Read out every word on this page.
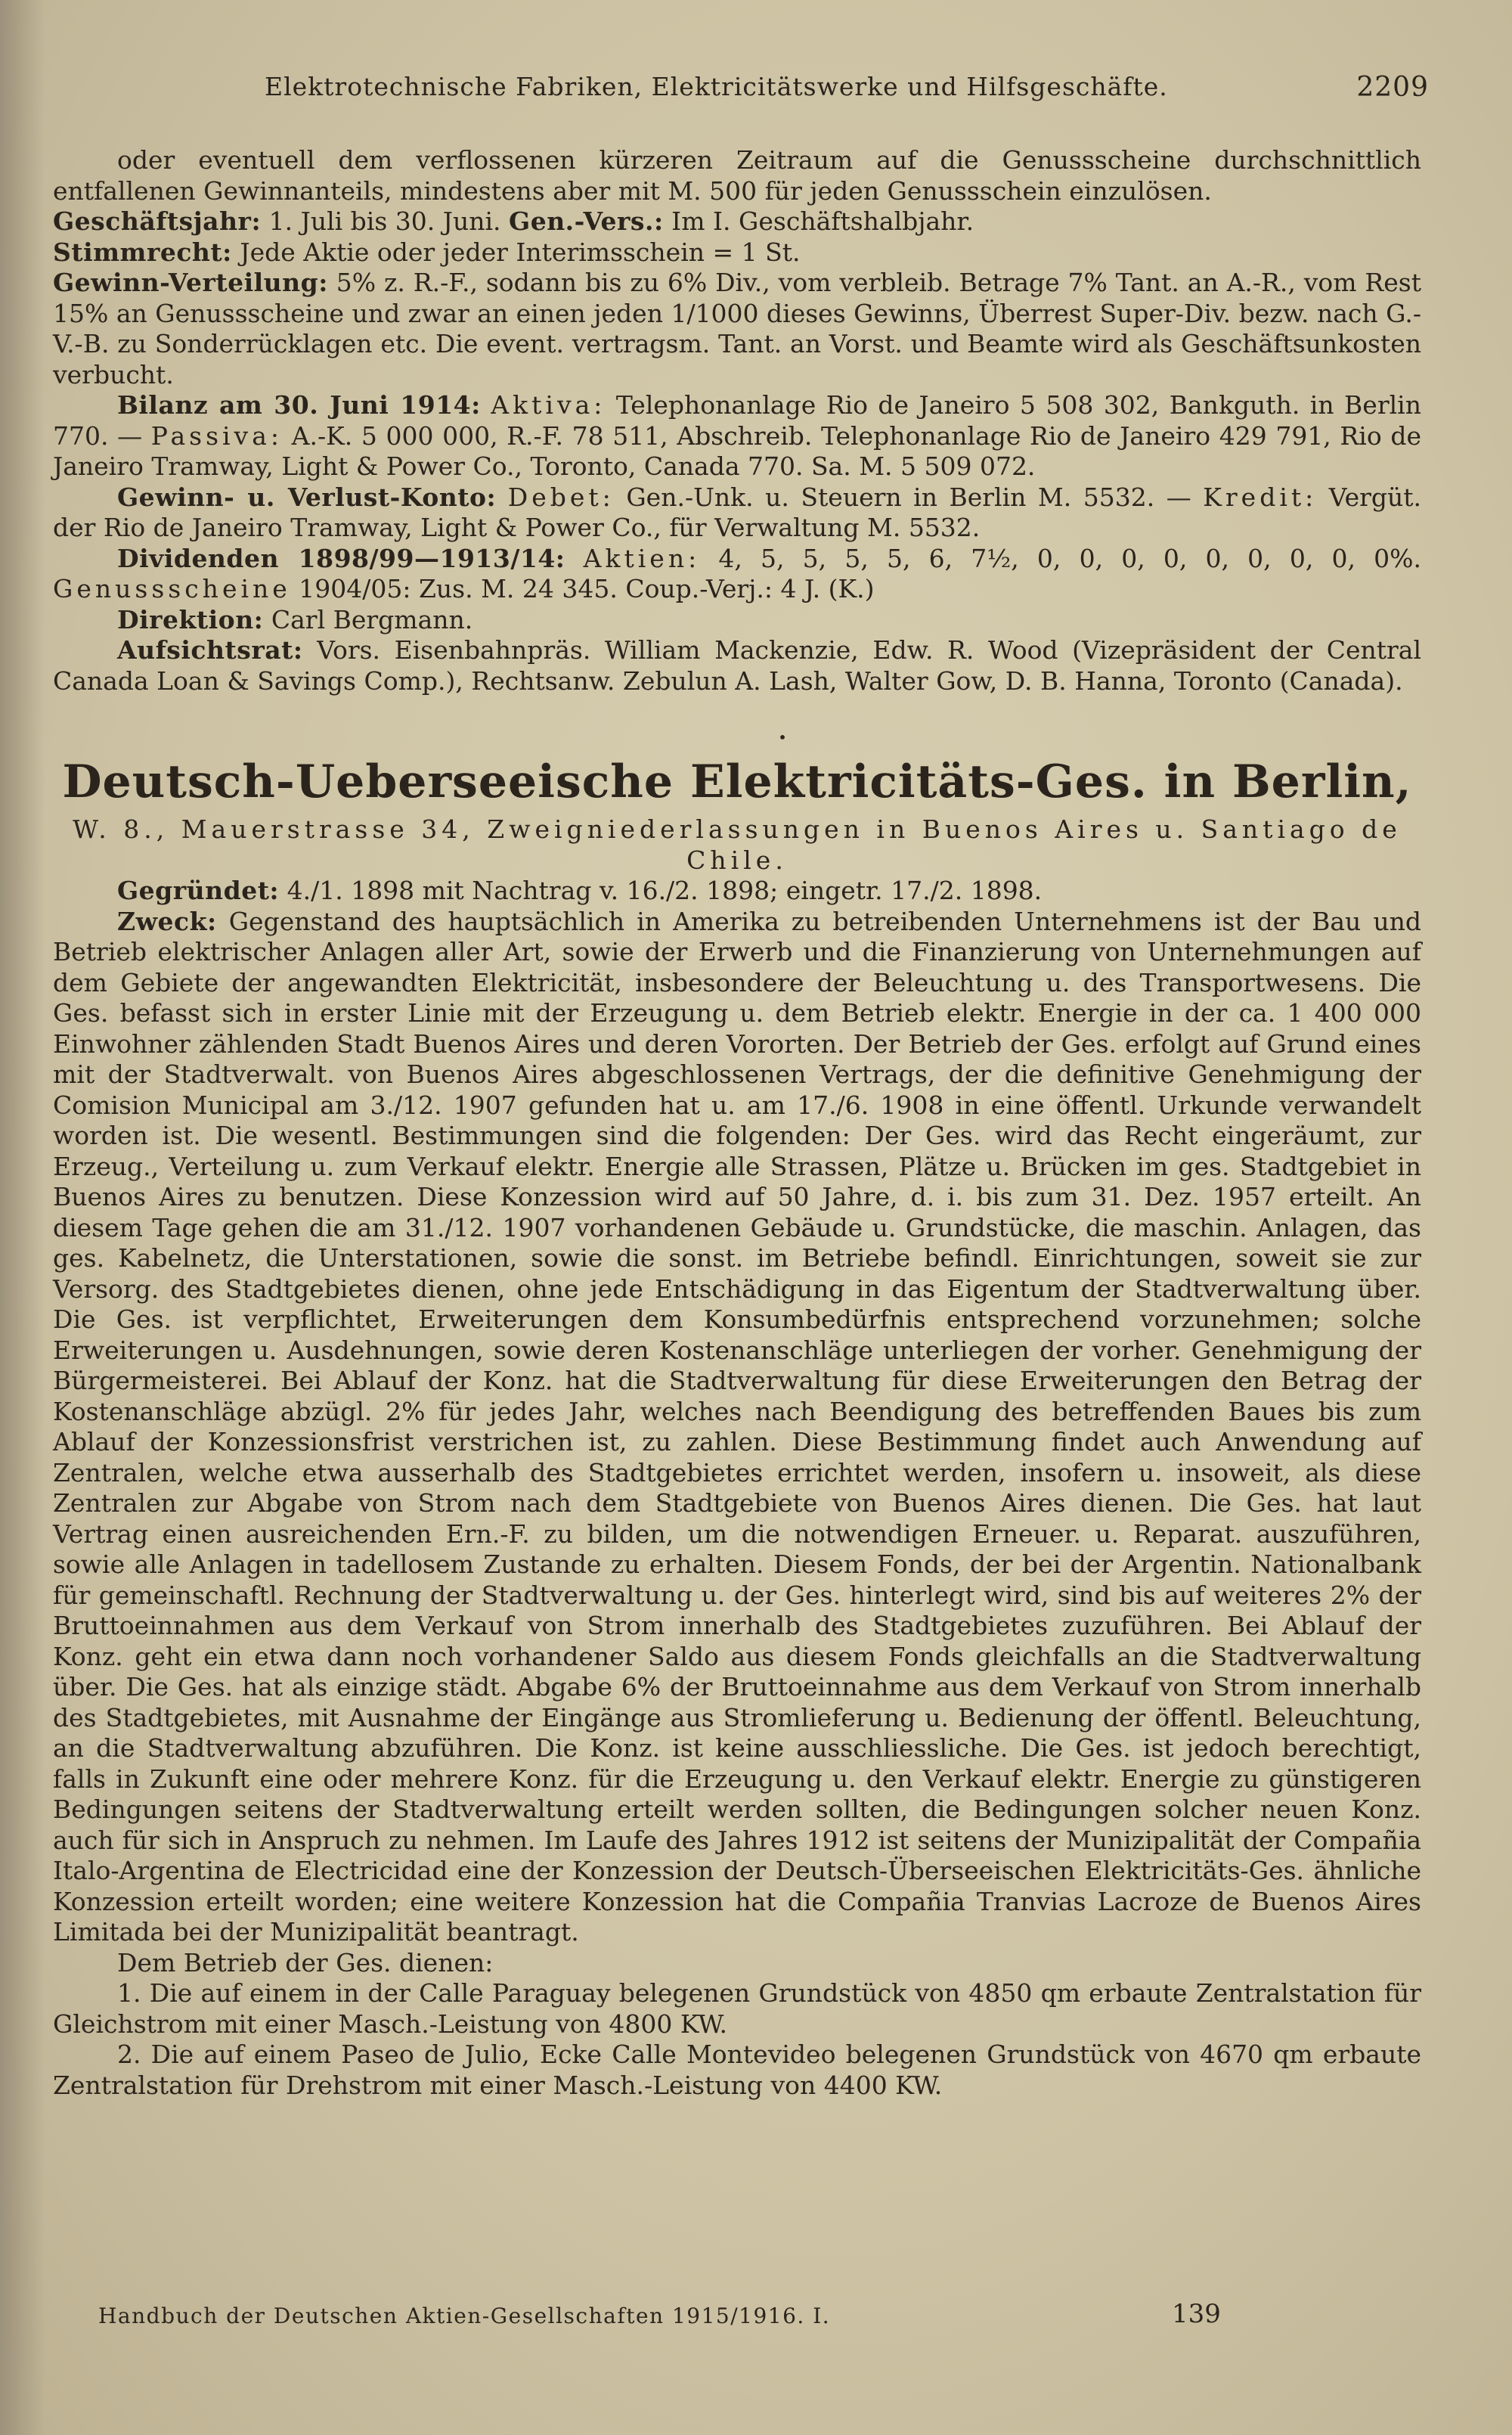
Elektrotechnische Fabriken, Elektricitätswerke und Hilfsgeschäfte.	2209

oder eventuell dem verflossenen kürzeren Zeitraum auf die Genussscheine durchschnittlich entfallenen Gewinnanteils, mindestens aber mit M. 500 für jeden Genussschein einzulösen.

Geschäftsjahr: 1. Juli bis 30. Juni. Gen.-Vers.: Im I. Geschäftshalbjahr.

Stimmrecht: Jede Aktie oder jeder Interimsschein = 1 St.

Gewinn-Verteilung: 5% z. R.-F., sodann bis zu 6% Div., vom verbleib. Betrage 7% Tant. an A.-R., vom Rest 15% an Genussscheine und zwar an einen jeden 1/1000 dieses Gewinns, Überrest Super-Div. bezw. nach G.-V.-B. zu Sonderrücklagen etc. Die event. vertragsm. Tant. an Vorst. und Beamte wird als Geschäftsunkosten verbucht.

Bilanz am 30. Juni 1914: Aktiva: Telephonanlage Rio de Janeiro 5 508 302, Bankguth. in Berlin 770. — Passiva: A.-K. 5 000 000, R.-F. 78 511, Abschreib. Telephonanlage Rio de Janeiro 429 791, Rio de Janeiro Tramway, Light & Power Co., Toronto, Canada 770. Sa. M. 5 509 072.

Gewinn- u. Verlust-Konto: Debet: Gen.-Unk. u. Steuern in Berlin M. 5532. — Kredit: Vergüt. der Rio de Janeiro Tramway, Light & Power Co., für Verwaltung M. 5532.

Dividenden 1898/99—1913/14: Aktien: 4, 5, 5, 5, 5, 6, 7½, 0, 0, 0, 0, 0, 0, 0, 0, 0%. Genussscheine 1904/05: Zus. M. 24 345. Coup.-Verj.: 4 J. (K.)

Direktion: Carl Bergmann.

Aufsichtsrat: Vors. Eisenbahnpräs. William Mackenzie, Edw. R. Wood (Vizepräsident der Central Canada Loan & Savings Comp.), Rechtsanw. Zebulun A. Lash, Walter Gow, D. B. Hanna, Toronto (Canada).

•
Deutsch-Ueberseeische Elektricitäts-Ges. in Berlin,

W. 8., Mauerstrasse 34, Zweigniederlassungen in Buenos Aires u. Santiago de Chile.

Gegründet: 4./1. 1898 mit Nachtrag v. 16./2. 1898; eingetr. 17./2. 1898.

Zweck: Gegenstand des hauptsächlich in Amerika zu betreibenden Unternehmens ist der Bau und Betrieb elektrischer Anlagen aller Art, sowie der Erwerb und die Finanzierung von Unternehmungen auf dem Gebiete der angewandten Elektricität, insbesondere der Beleuchtung u. des Transportwesens. Die Ges. befasst sich in erster Linie mit der Erzeugung u. dem Betrieb elektr. Energie in der ca. 1 400 000 Einwohner zählenden Stadt Buenos Aires und deren Vororten. Der Betrieb der Ges. erfolgt auf Grund eines mit der Stadtverwalt. von Buenos Aires abgeschlossenen Vertrags, der die definitive Genehmigung der Comision Municipal am 3./12. 1907 gefunden hat u. am 17./6. 1908 in eine öffentl. Urkunde verwandelt worden ist. Die wesentl. Bestimmungen sind die folgenden: Der Ges. wird das Recht eingeräumt, zur Erzeug., Verteilung u. zum Verkauf elektr. Energie alle Strassen, Plätze u. Brücken im ges. Stadtgebiet in Buenos Aires zu benutzen. Diese Konzession wird auf 50 Jahre, d. i. bis zum 31. Dez. 1957 erteilt. An diesem Tage gehen die am 31./12. 1907 vorhandenen Gebäude u. Grundstücke, die maschin. Anlagen, das ges. Kabelnetz, die Unterstationen, sowie die sonst. im Betriebe befindl. Einrichtungen, soweit sie zur Versorg. des Stadtgebietes dienen, ohne jede Entschädigung in das Eigentum der Stadtverwaltung über. Die Ges. ist verpflichtet, Erweiterungen dem Konsumbedürfnis entsprechend vorzunehmen; solche Erweiterungen u. Ausdehnungen, sowie deren Kostenanschläge unterliegen der vorher. Genehmigung der Bürgermeisterei. Bei Ablauf der Konz. hat die Stadtverwaltung für diese Erweiterungen den Betrag der Kostenanschläge abzügl. 2% für jedes Jahr, welches nach Beendigung des betreffenden Baues bis zum Ablauf der Konzessionsfrist verstrichen ist, zu zahlen. Diese Bestimmung findet auch Anwendung auf Zentralen, welche etwa ausserhalb des Stadtgebietes errichtet werden, insofern u. insoweit, als diese Zentralen zur Abgabe von Strom nach dem Stadtgebiete von Buenos Aires dienen. Die Ges. hat laut Vertrag einen ausreichenden Ern.-F. zu bilden, um die notwendigen Erneuer. u. Reparat. auszuführen, sowie alle Anlagen in tadellosem Zustande zu erhalten. Diesem Fonds, der bei der Argentin. Nationalbank für gemeinschaftl. Rechnung der Stadtverwaltung u. der Ges. hinterlegt wird, sind bis auf weiteres 2% der Bruttoeinnahmen aus dem Verkauf von Strom innerhalb des Stadtgebietes zuzuführen. Bei Ablauf der Konz. geht ein etwa dann noch vorhandener Saldo aus diesem Fonds gleichfalls an die Stadtverwaltung über. Die Ges. hat als einzige städt. Abgabe 6% der Bruttoeinnahme aus dem Verkauf von Strom innerhalb des Stadtgebietes, mit Ausnahme der Eingänge aus Stromlieferung u. Bedienung der öffentl. Beleuchtung, an die Stadtverwaltung abzuführen. Die Konz. ist keine ausschliessliche. Die Ges. ist jedoch berechtigt, falls in Zukunft eine oder mehrere Konz. für die Erzeugung u. den Verkauf elektr. Energie zu günstigeren Bedingungen seitens der Stadtverwaltung erteilt werden sollten, die Bedingungen solcher neuen Konz. auch für sich in Anspruch zu nehmen. Im Laufe des Jahres 1912 ist seitens der Munizipalität der Compañia Italo-Argentina de Electricidad eine der Konzession der Deutsch-Überseeischen Elektricitäts-Ges. ähnliche Konzession erteilt worden; eine weitere Konzession hat die Compañia Tranvias Lacroze de Buenos Aires Limitada bei der Munizipalität beantragt.

Dem Betrieb der Ges. dienen:

1. Die auf einem in der Calle Paraguay belegenen Grundstück von 4850 qm erbaute Zentralstation für Gleichstrom mit einer Masch.-Leistung von 4800 KW.

2. Die auf einem Paseo de Julio, Ecke Calle Montevideo belegenen Grundstück von 4670 qm erbaute Zentralstation für Drehstrom mit einer Masch.-Leistung von 4400 KW.

Handbuch der Deutschen Aktien-Gesellschaften 1915/1916. I.	139
